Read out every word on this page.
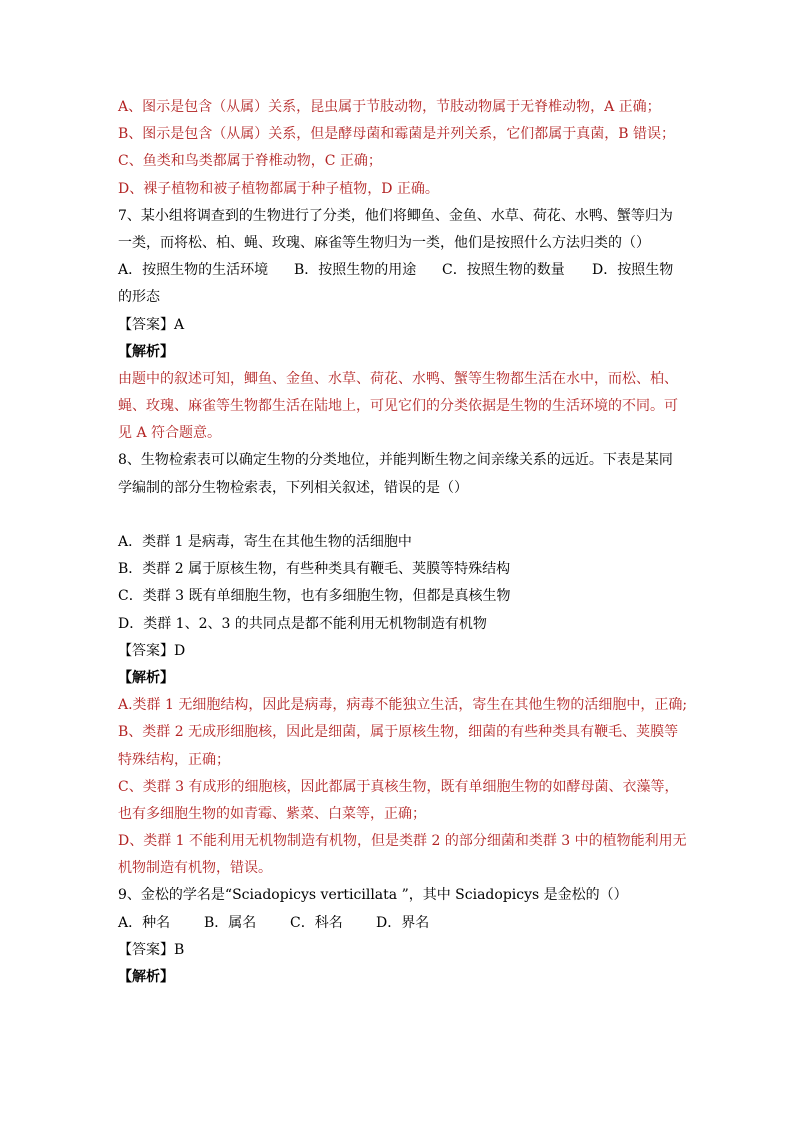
A、图示是包含（从属）关系，昆虫属于节肢动物，节肢动物属于无脊椎动物，A 正确；
B、图示是包含（从属）关系，但是酵母菌和霉菌是并列关系，它们都属于真菌，B 错误；
C、鱼类和鸟类都属于脊椎动物，C 正确；
D、裸子植物和被子植物都属于种子植物，D 正确。
7、某小组将调查到的生物进行了分类，他们将鲫鱼、金鱼、水草、荷花、水鸭、蟹等归为
一类，而将松、柏、蝇、玫瑰、麻雀等生物归为一类，他们是按照什么方法归类的（）
A．按照生物的生活环境	B．按照生物的用途	C．按照生物的数量	D．按照生物
的形态
【答案】A
【解析】
由题中的叙述可知，鲫鱼、金鱼、水草、荷花、水鸭、蟹等生物都生活在水中，而松、柏、
蝇、玫瑰、麻雀等生物都生活在陆地上，可见它们的分类依据是生物的生活环境的不同。可
见 A 符合题意。
8、生物检索表可以确定生物的分类地位，并能判断生物之间亲缘关系的远近。下表是某同
学编制的部分生物检索表，下列相关叙述，错误的是（）
A．类群 1 是病毒，寄生在其他生物的活细胞中
B．类群 2 属于原核生物，有些种类具有鞭毛、荚膜等特殊结构
C．类群 3 既有单细胞生物，也有多细胞生物，但都是真核生物
D．类群 1、2、3 的共同点是都不能利用无机物制造有机物
【答案】D
【解析】
A.类群 1 无细胞结构，因此是病毒，病毒不能独立生活，寄生在其他生物的活细胞中，正确;
B、类群 2 无成形细胞核，因此是细菌，属于原核生物，细菌的有些种类具有鞭毛、荚膜等
特殊结构，正确；
C、类群 3 有成形的细胞核，因此都属于真核生物，既有单细胞生物的如酵母菌、衣藻等，
也有多细胞生物的如青霉、紫菜、白菜等，正确；
D、类群 1 不能利用无机物制造有机物，但是类群 2 的部分细菌和类群 3 中的植物能利用无
机物制造有机物，错误。
9、金松的学名是“Sciadopicys verticillata ”，其中 Sciadopicys 是金松的（）
A．种名	B．属名	C．科名	D．界名
【答案】B
【解析】
